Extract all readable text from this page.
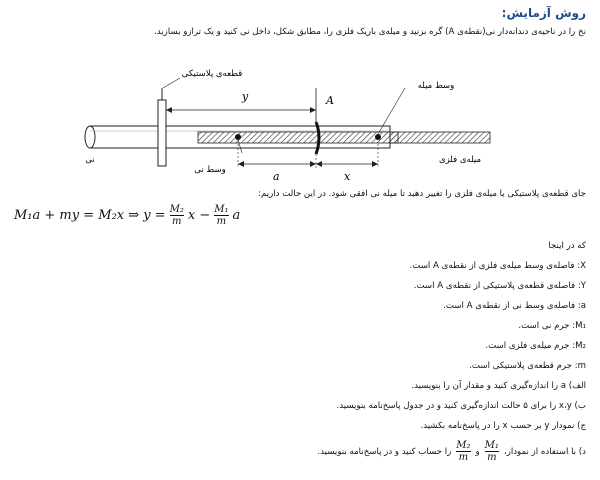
روش آزمایش:
نخ را در ناحیه‌ی دندانه‌دار نی(نقطه‌ی A) گره بزنید و میله‌ی باریک فلزی را، مطابق شکل، داخل نی کنید و یک ترازو بسازید.
قطعه‌ی پلاستیکی
وسط میله
نی
وسط نی
میله‌ی فلزی
y	A
a	x
جای قطعه‌ی پلاستیکی یا میله‌ی فلزی را تغییر دهید تا میله نی افقی شود. در این حالت داریم:
M₁a + my = M₂x ⇒ $y = \frac{\text{M₂}}{m}$ $x - \frac{\text{M₁}}{m}$ a
که در اینجا
X: فاصله‌ی وسط میله‌ی فلزی از نقطه‌ی A است.
Y: فاصله‌ی قطعه‌ی پلاستیکی از نقطه‌ی A است.
a: فاصله‌ی وسط نی از نقطه‌ی A است.
M₁: جرم نی است.
M₂: جرم میله‌ی فلزی است.
m: جرم قطعه‌ی پلاستیکی است.
الف) a را اندازه‌گیری کنید و مقدار آن را بنویسید.
ب) x،y را برای ۵ حالت اندازه‌گیری کنید و در جدول پاسخ‌نامه بنویسید.
ج) نمودار y بر حسب x را در پاسخ‌نامه بکشید.
د) با استفاده از نمودار،
$\frac{\text{M₁}}{m}$
و
$\frac{\text{M₂}}{m}$
را حساب کنید و در پاسخ‌نامه بنویسید.
